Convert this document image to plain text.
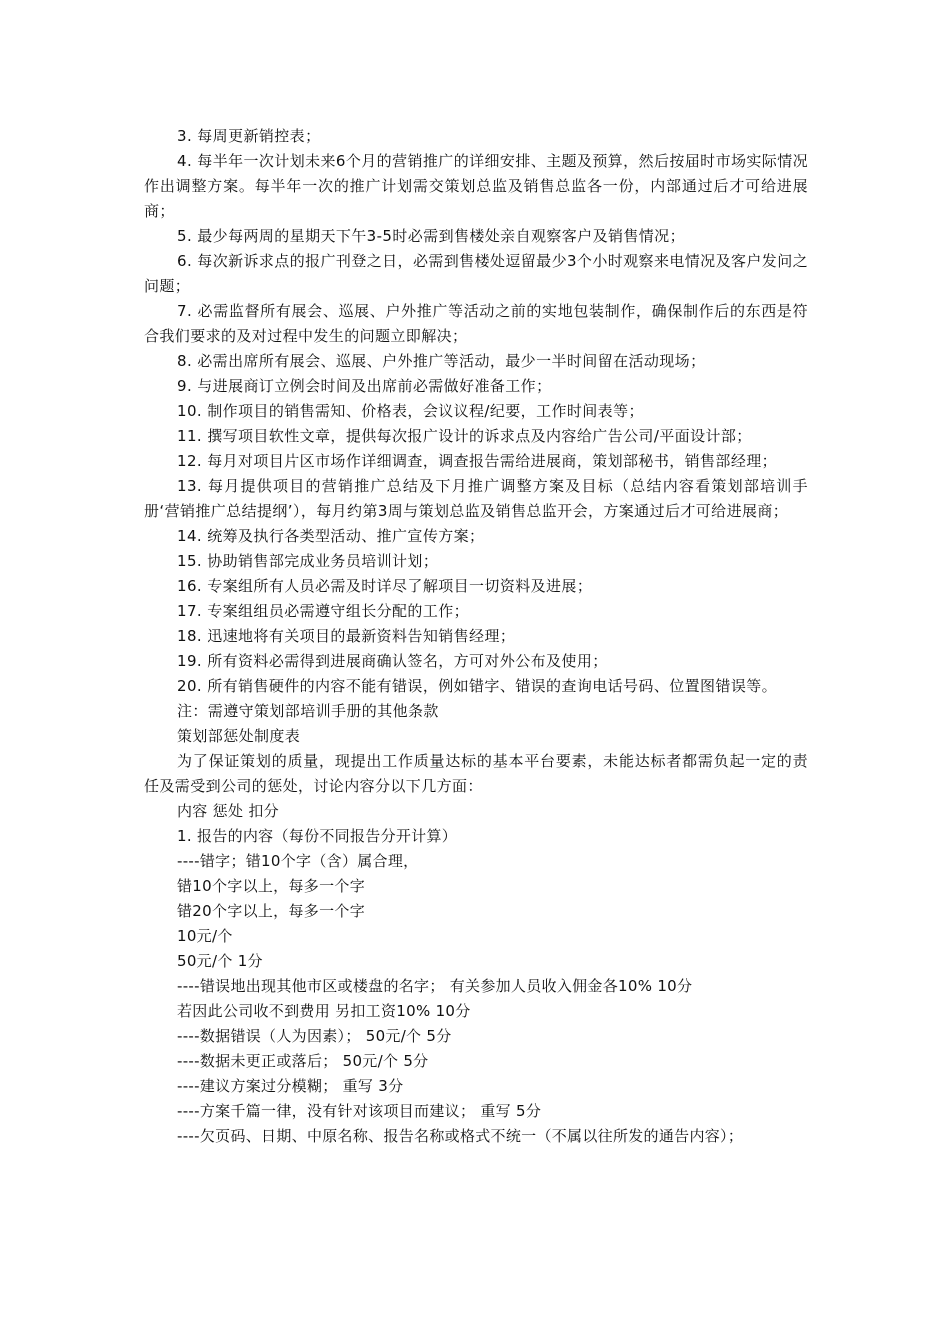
3. 每周更新销控表；

4. 每半年一次计划未来6个月的营销推广的详细安排、主题及预算，然后按届时市场实际情况作出调整方案。每半年一次的推广计划需交策划总监及销售总监各一份，内部通过后才可给进展商；

5. 最少每两周的星期天下午3-5时必需到售楼处亲自观察客户及销售情况；

6. 每次新诉求点的报广刊登之日，必需到售楼处逗留最少3个小时观察来电情况及客户发问之问题；

7. 必需监督所有展会、巡展、户外推广等活动之前的实地包装制作，确保制作后的东西是符合我们要求的及对过程中发生的问题立即解决；

8. 必需出席所有展会、巡展、户外推广等活动，最少一半时间留在活动现场；

9. 与进展商订立例会时间及出席前必需做好准备工作；

10. 制作项目的销售需知、价格表，会议议程/纪要，工作时间表等；

11. 撰写项目软性文章，提供每次报广设计的诉求点及内容给广告公司/平面设计部；

12. 每月对项目片区市场作详细调查，调查报告需给进展商，策划部秘书，销售部经理；

13. 每月提供项目的营销推广总结及下月推广调整方案及目标（总结内容看策划部培训手册‘营销推广总结提纲’），每月约第3周与策划总监及销售总监开会，方案通过后才可给进展商；

14. 统筹及执行各类型活动、推广宣传方案；

15. 协助销售部完成业务员培训计划；

16. 专案组所有人员必需及时详尽了解项目一切资料及进展；

17. 专案组组员必需遵守组长分配的工作；

18. 迅速地将有关项目的最新资料告知销售经理；

19. 所有资料必需得到进展商确认签名，方可对外公布及使用；

20. 所有销售硬件的内容不能有错误，例如错字、错误的查询电话号码、位置图错误等。

注：需遵守策划部培训手册的其他条款

策划部惩处制度表

为了保证策划的质量，现提出工作质量达标的基本平台要素，未能达标者都需负起一定的责任及需受到公司的惩处，讨论内容分以下几方面：

内容 惩处 扣分

1. 报告的内容（每份不同报告分开计算）

----错字；错10个字（含）属合理，

错10个字以上，每多一个字

错20个字以上，每多一个字

10元/个

50元/个 1分

----错误地出现其他市区或楼盘的名字； 有关参加人员收入佣金各10% 10分

若因此公司收不到费用 另扣工资10% 10分

----数据错误（人为因素）； 50元/个 5分

----数据未更正或落后； 50元/个 5分

----建议方案过分模糊； 重写 3分

----方案千篇一律，没有针对该项目而建议； 重写 5分

----欠页码、日期、中原名称、报告名称或格式不统一（不属以往所发的通告内容）；
